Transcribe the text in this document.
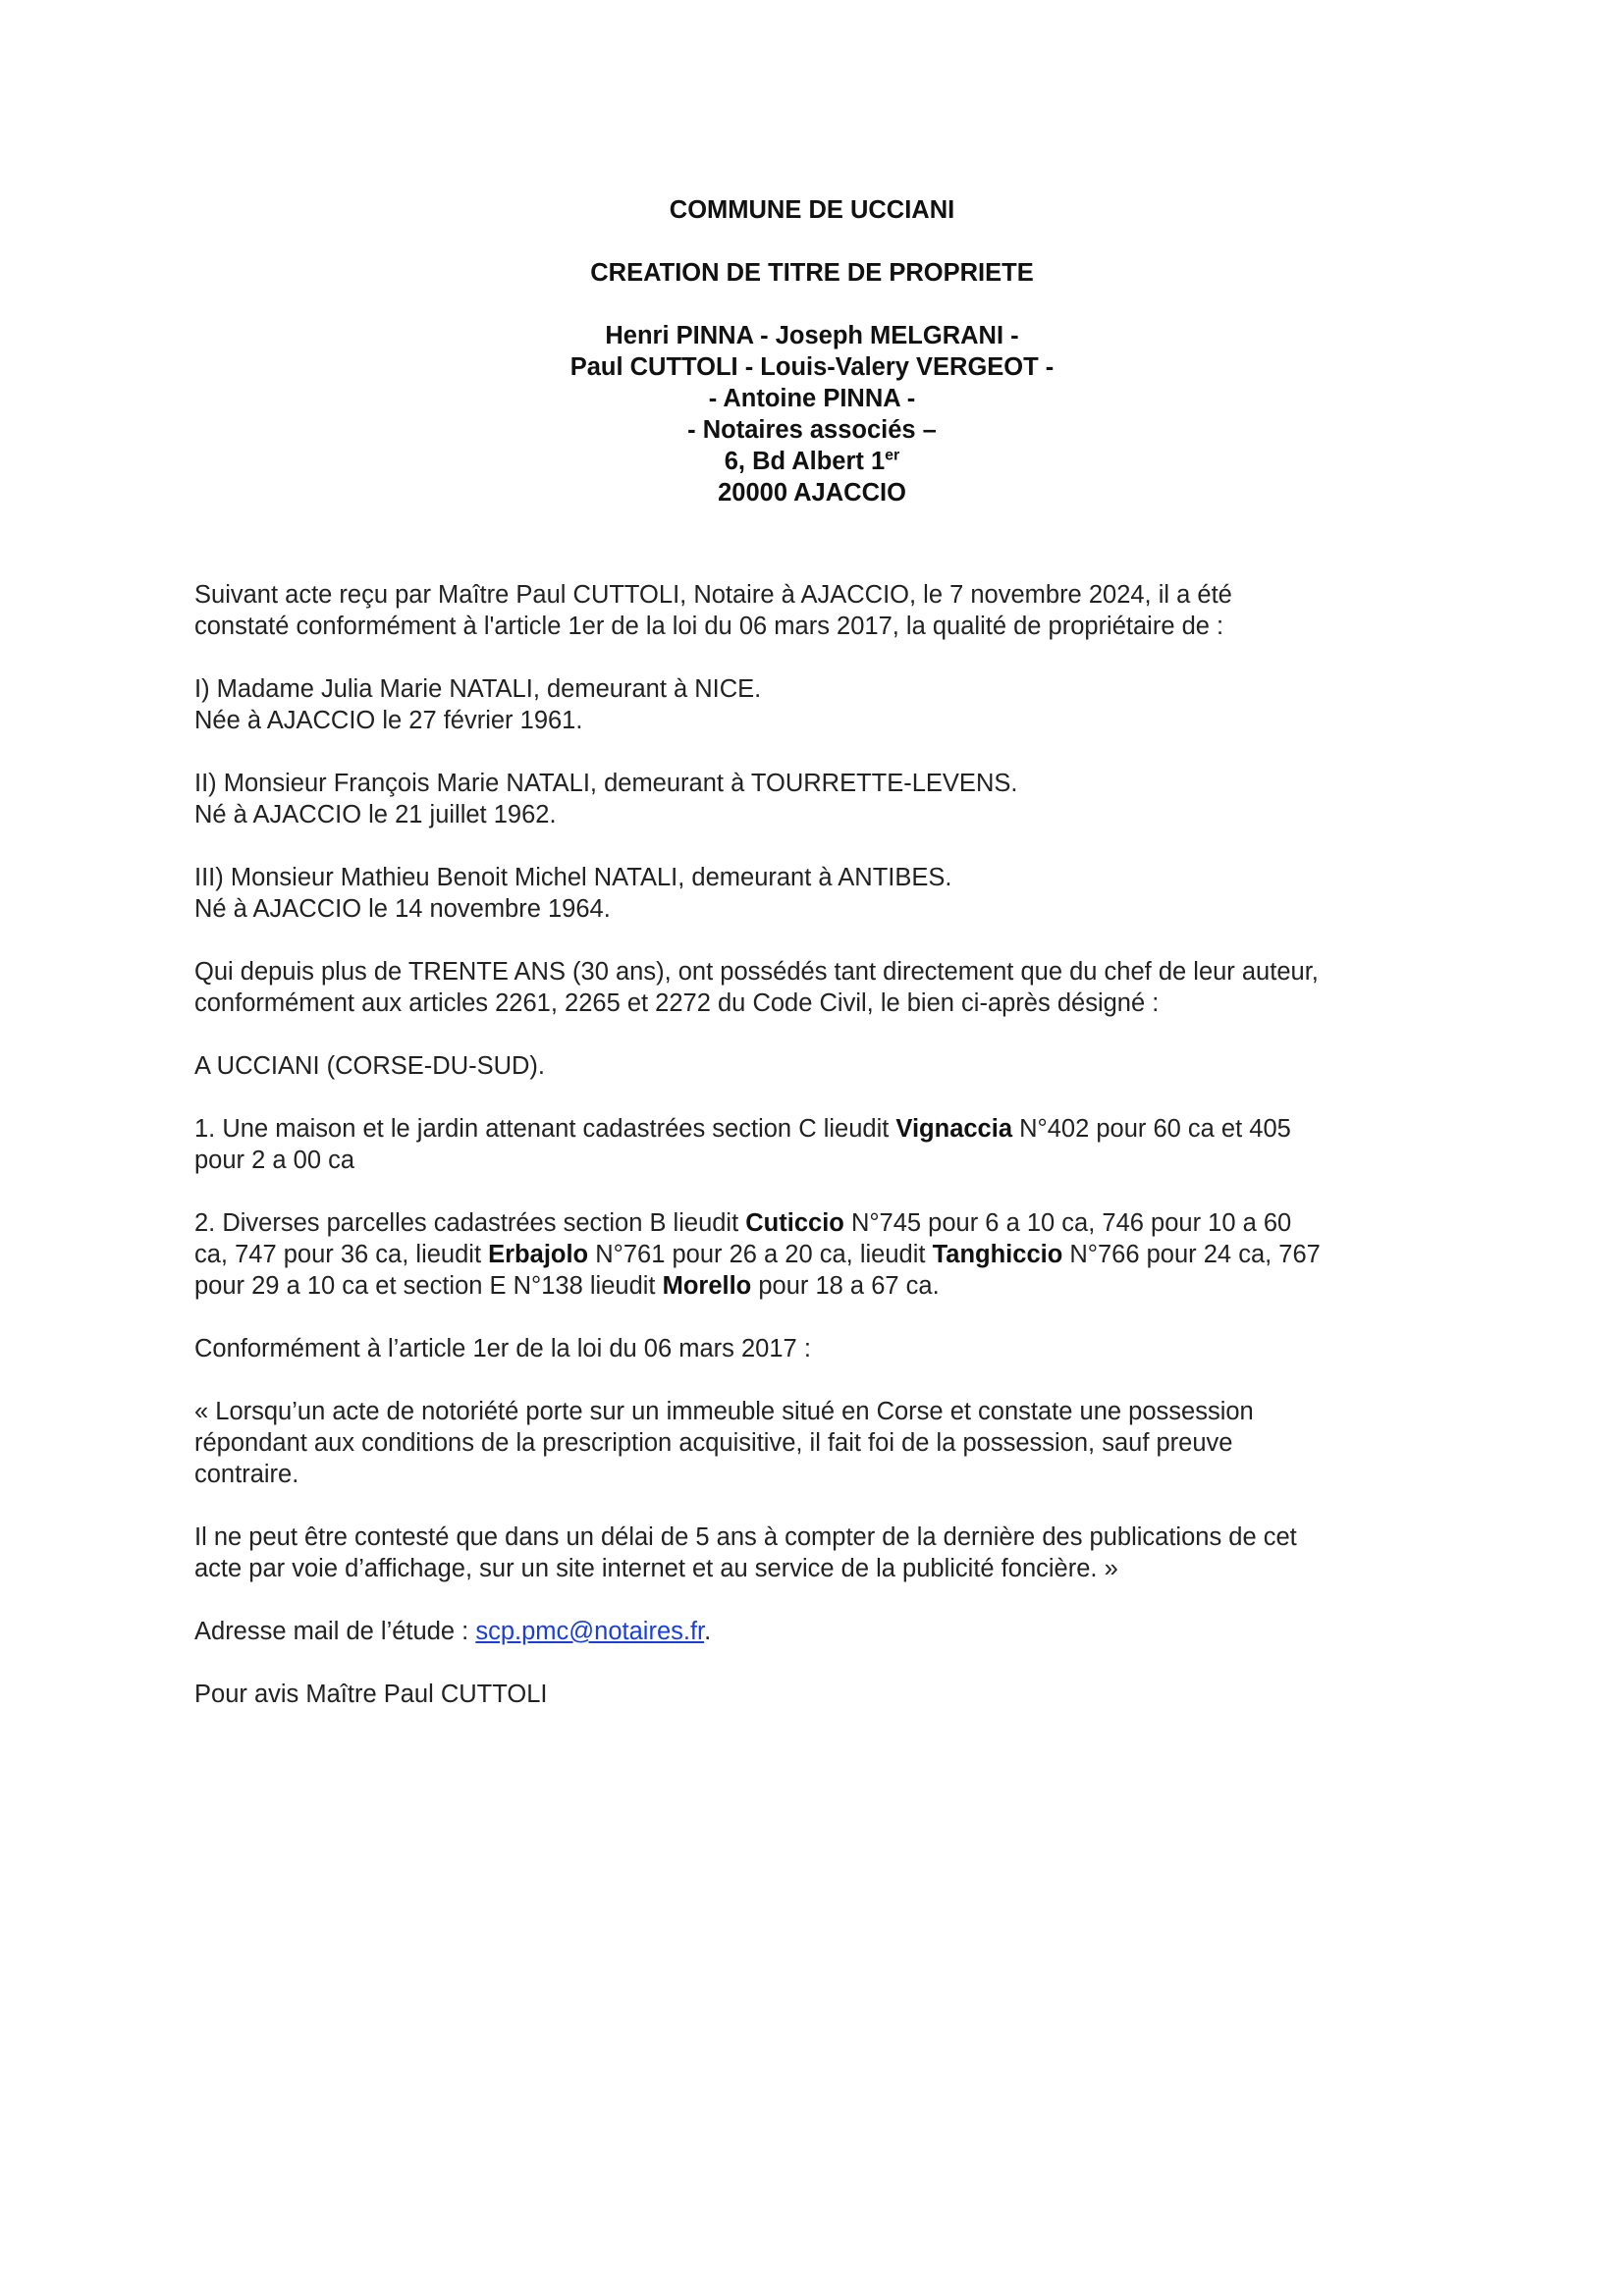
COMMUNE DE UCCIANI
CREATION DE TITRE DE PROPRIETE
Henri PINNA - Joseph MELGRANI -
Paul CUTTOLI - Louis-Valery VERGEOT -
- Antoine PINNA -
- Notaires associés –
6, Bd Albert 1er
20000 AJACCIO
Suivant acte reçu par Maître Paul CUTTOLI, Notaire à AJACCIO, le 7 novembre 2024, il a été
constaté conformément à l'article 1er de la loi du 06 mars 2017, la qualité de propriétaire de :
I) Madame Julia Marie NATALI, demeurant à NICE.
Née à AJACCIO le 27 février 1961.
II) Monsieur François Marie NATALI, demeurant à TOURRETTE-LEVENS.
Né à AJACCIO le 21 juillet 1962.
III) Monsieur Mathieu Benoit Michel NATALI, demeurant à ANTIBES.
Né à AJACCIO le 14 novembre 1964.
Qui depuis plus de TRENTE ANS (30 ans), ont possédés tant directement que du chef de leur auteur,
conformément aux articles 2261, 2265 et 2272 du Code Civil, le bien ci-après désigné :
A UCCIANI (CORSE-DU-SUD).
1. Une maison et le jardin attenant cadastrées section C lieudit Vignaccia N°402 pour 60 ca et 405
pour 2 a 00 ca
2. Diverses parcelles cadastrées section B lieudit Cuticcio N°745 pour 6 a 10 ca, 746 pour 10 a 60
ca, 747 pour 36 ca, lieudit Erbajolo N°761 pour 26 a 20 ca, lieudit Tanghiccio N°766 pour 24 ca, 767
pour 29 a 10 ca et section E N°138 lieudit Morello pour 18 a 67 ca.
Conformément à l’article 1er de la loi du 06 mars 2017 :
« Lorsqu’un acte de notoriété porte sur un immeuble situé en Corse et constate une possession
répondant aux conditions de la prescription acquisitive, il fait foi de la possession, sauf preuve
contraire.
Il ne peut être contesté que dans un délai de 5 ans à compter de la dernière des publications de cet
acte par voie d’affichage, sur un site internet et au service de la publicité foncière. »
Adresse mail de l’étude : scp.pmc@notaires.fr.
Pour avis Maître Paul CUTTOLI
